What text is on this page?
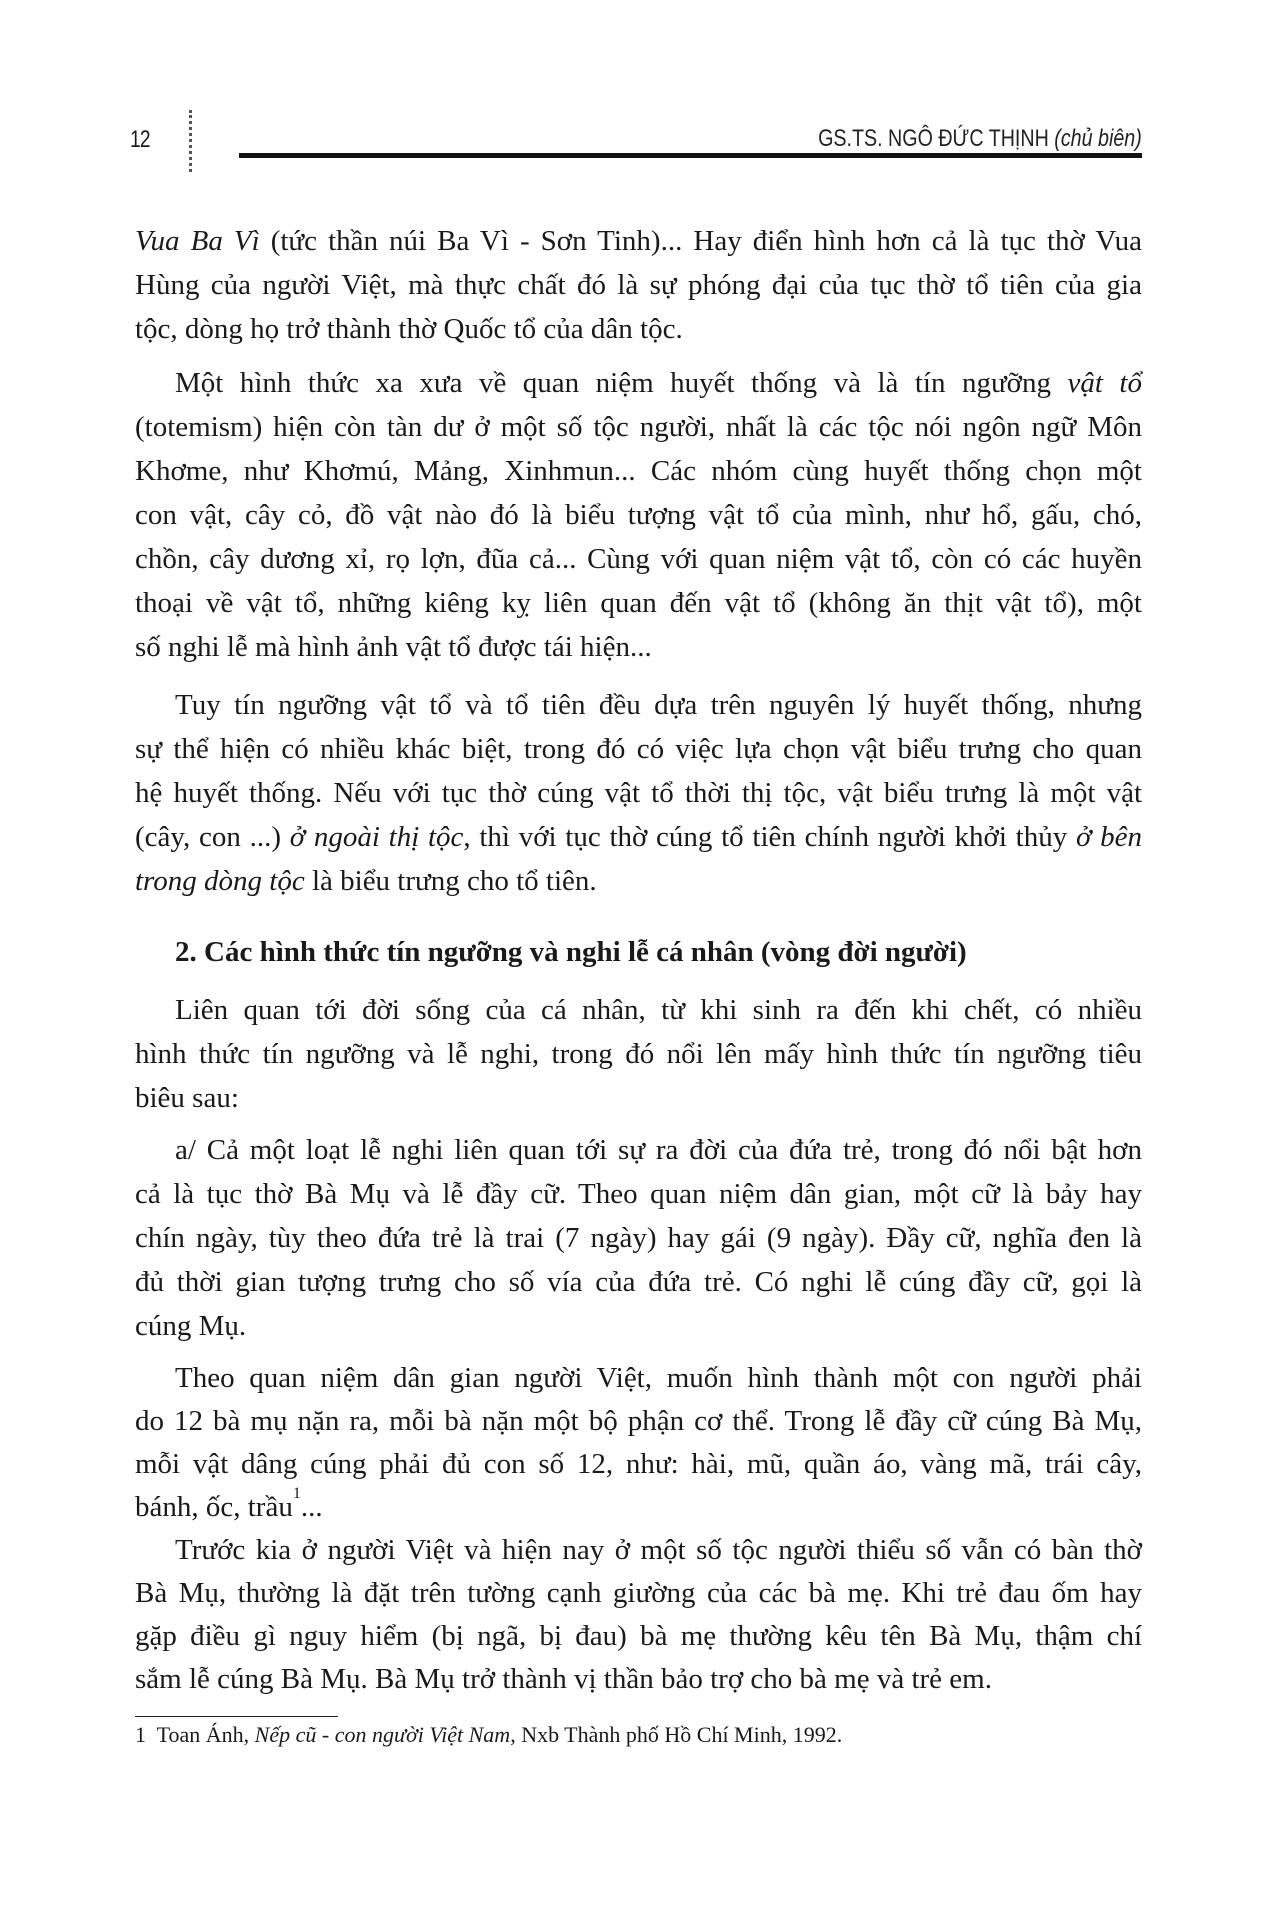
12	GS.TS. NGÔ ĐỨC THỊNH (chủ biên)
Vua Ba Vì (tức thần núi Ba Vì - Sơn Tinh)... Hay điển hình hơn cả là tục thờ Vua
Hùng của người Việt, mà thực chất đó là sự phóng đại của tục thờ tổ tiên của gia
tộc, dòng họ trở thành thờ Quốc tổ của dân tộc.
Một hình thức xa xưa về quan niệm huyết thống và là tín ngưỡng vật tổ
(totemism) hiện còn tàn dư ở một số tộc người, nhất là các tộc nói ngôn ngữ Môn
Khơme, như Khơmú, Mảng, Xinhmun... Các nhóm cùng huyết thống chọn một
con vật, cây cỏ, đồ vật nào đó là biểu tượng vật tổ của mình, như hổ, gấu, chó,
chồn, cây dương xỉ, rọ lợn, đũa cả... Cùng với quan niệm vật tổ, còn có các huyền
thoại về vật tổ, những kiêng kỵ liên quan đến vật tổ (không ăn thịt vật tổ), một
số nghi lễ mà hình ảnh vật tổ được tái hiện...
Tuy tín ngưỡng vật tổ và tổ tiên đều dựa trên nguyên lý huyết thống, nhưng
sự thể hiện có nhiều khác biệt, trong đó có việc lựa chọn vật biểu trưng cho quan
hệ huyết thống. Nếu với tục thờ cúng vật tổ thời thị tộc, vật biểu trưng là một vật
(cây, con ...) ở ngoài thị tộc, thì với tục thờ cúng tổ tiên chính người khởi thủy ở bên
trong dòng tộc là biểu trưng cho tổ tiên.
2. Các hình thức tín ngưỡng và nghi lễ cá nhân (vòng đời người)
Liên quan tới đời sống của cá nhân, từ khi sinh ra đến khi chết, có nhiều
hình thức tín ngưỡng và lễ nghi, trong đó nổi lên mấy hình thức tín ngưỡng tiêu
biêu sau:
a/ Cả một loạt lễ nghi liên quan tới sự ra đời của đứa trẻ, trong đó nổi bật hơn
cả là tục thờ Bà Mụ và lễ đầy cữ. Theo quan niệm dân gian, một cữ là bảy hay
chín ngày, tùy theo đứa trẻ là trai (7 ngày) hay gái (9 ngày). Đầy cữ, nghĩa đen là
đủ thời gian tượng trưng cho số vía của đứa trẻ. Có nghi lễ cúng đầy cữ, gọi là
cúng Mụ.
Theo quan niệm dân gian người Việt, muốn hình thành một con người phải
do 12 bà mụ nặn ra, mỗi bà nặn một bộ phận cơ thể. Trong lễ đầy cữ cúng Bà Mụ,
mỗi vật dâng cúng phải đủ con số 12, như: hài, mũ, quần áo, vàng mã, trái cây,
bánh, ốc, trầu$^1$...
Trước kia ở người Việt và hiện nay ở một số tộc người thiểu số vẫn có bàn thờ
Bà Mụ, thường là đặt trên tường cạnh giường của các bà mẹ. Khi trẻ đau ốm hay
gặp điều gì nguy hiểm (bị ngã, bị đau) bà mẹ thường kêu tên Bà Mụ, thậm chí
sắm lễ cúng Bà Mụ. Bà Mụ trở thành vị thần bảo trợ cho bà mẹ và trẻ em.
1 Toan Ánh, Nếp cũ - con người Việt Nam, Nxb Thành phố Hồ Chí Minh, 1992.
